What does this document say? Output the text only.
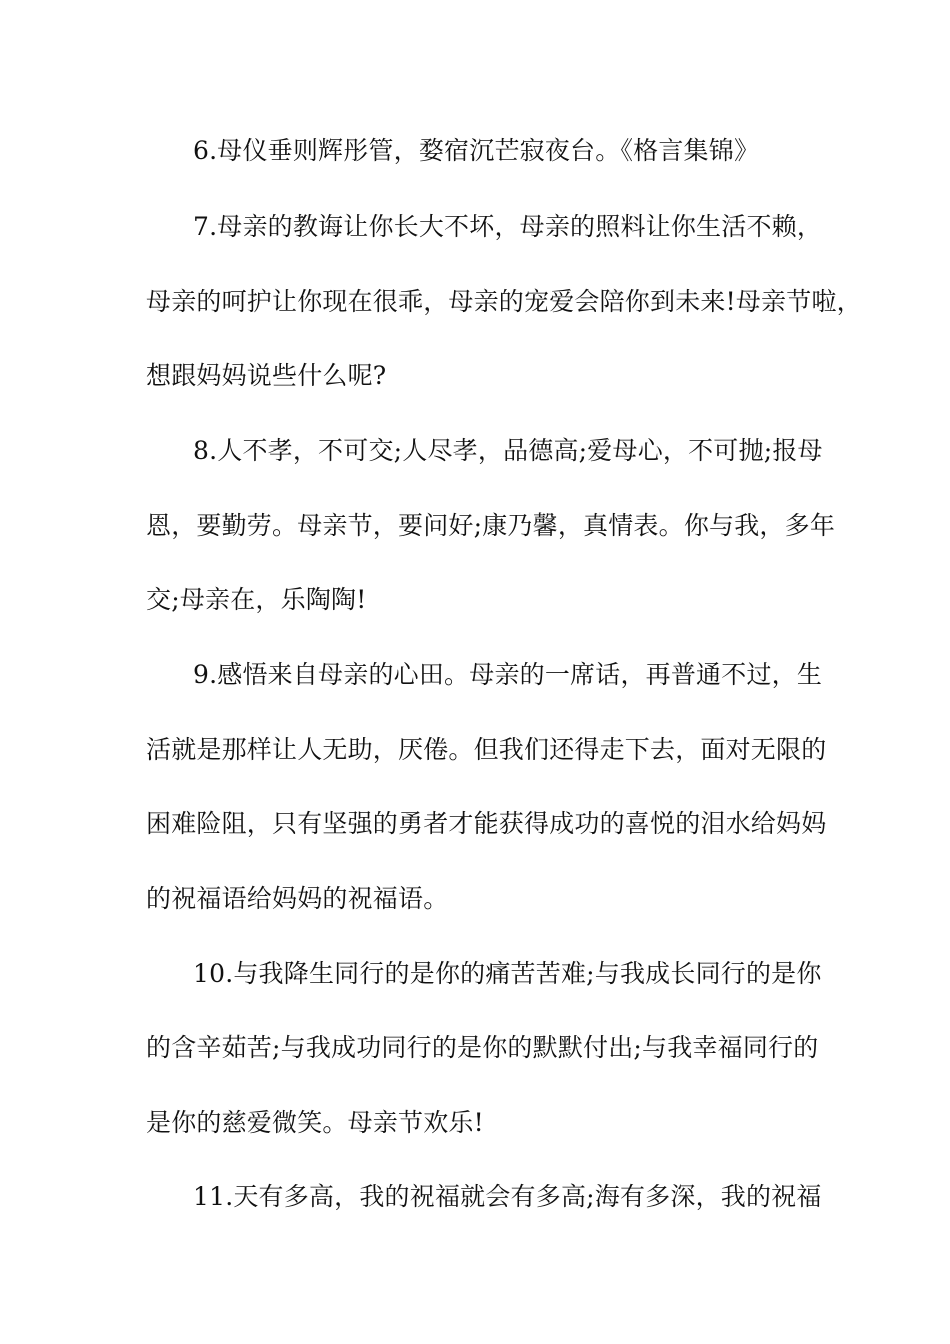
6.母仪垂则辉彤管，婺宿沉芒寂夜台。《格言集锦》
7.母亲的教诲让你长大不坏，母亲的照料让你生活不赖，
母亲的呵护让你现在很乖，母亲的宠爱会陪你到未来!母亲节啦，
想跟妈妈说些什么呢?
8.人不孝，不可交;人尽孝，品德高;爱母心，不可抛;报母
恩，要勤劳。母亲节，要问好;康乃馨，真情表。你与我，多年
交;母亲在，乐陶陶!
9.感悟来自母亲的心田。母亲的一席话，再普通不过，生
活就是那样让人无助，厌倦。但我们还得走下去，面对无限的
困难险阻，只有坚强的勇者才能获得成功的喜悦的泪水给妈妈
的祝福语给妈妈的祝福语。
10.与我降生同行的是你的痛苦苦难;与我成长同行的是你
的含辛茹苦;与我成功同行的是你的默默付出;与我幸福同行的
是你的慈爱微笑。母亲节欢乐!
11.天有多高，我的祝福就会有多高;海有多深，我的祝福
